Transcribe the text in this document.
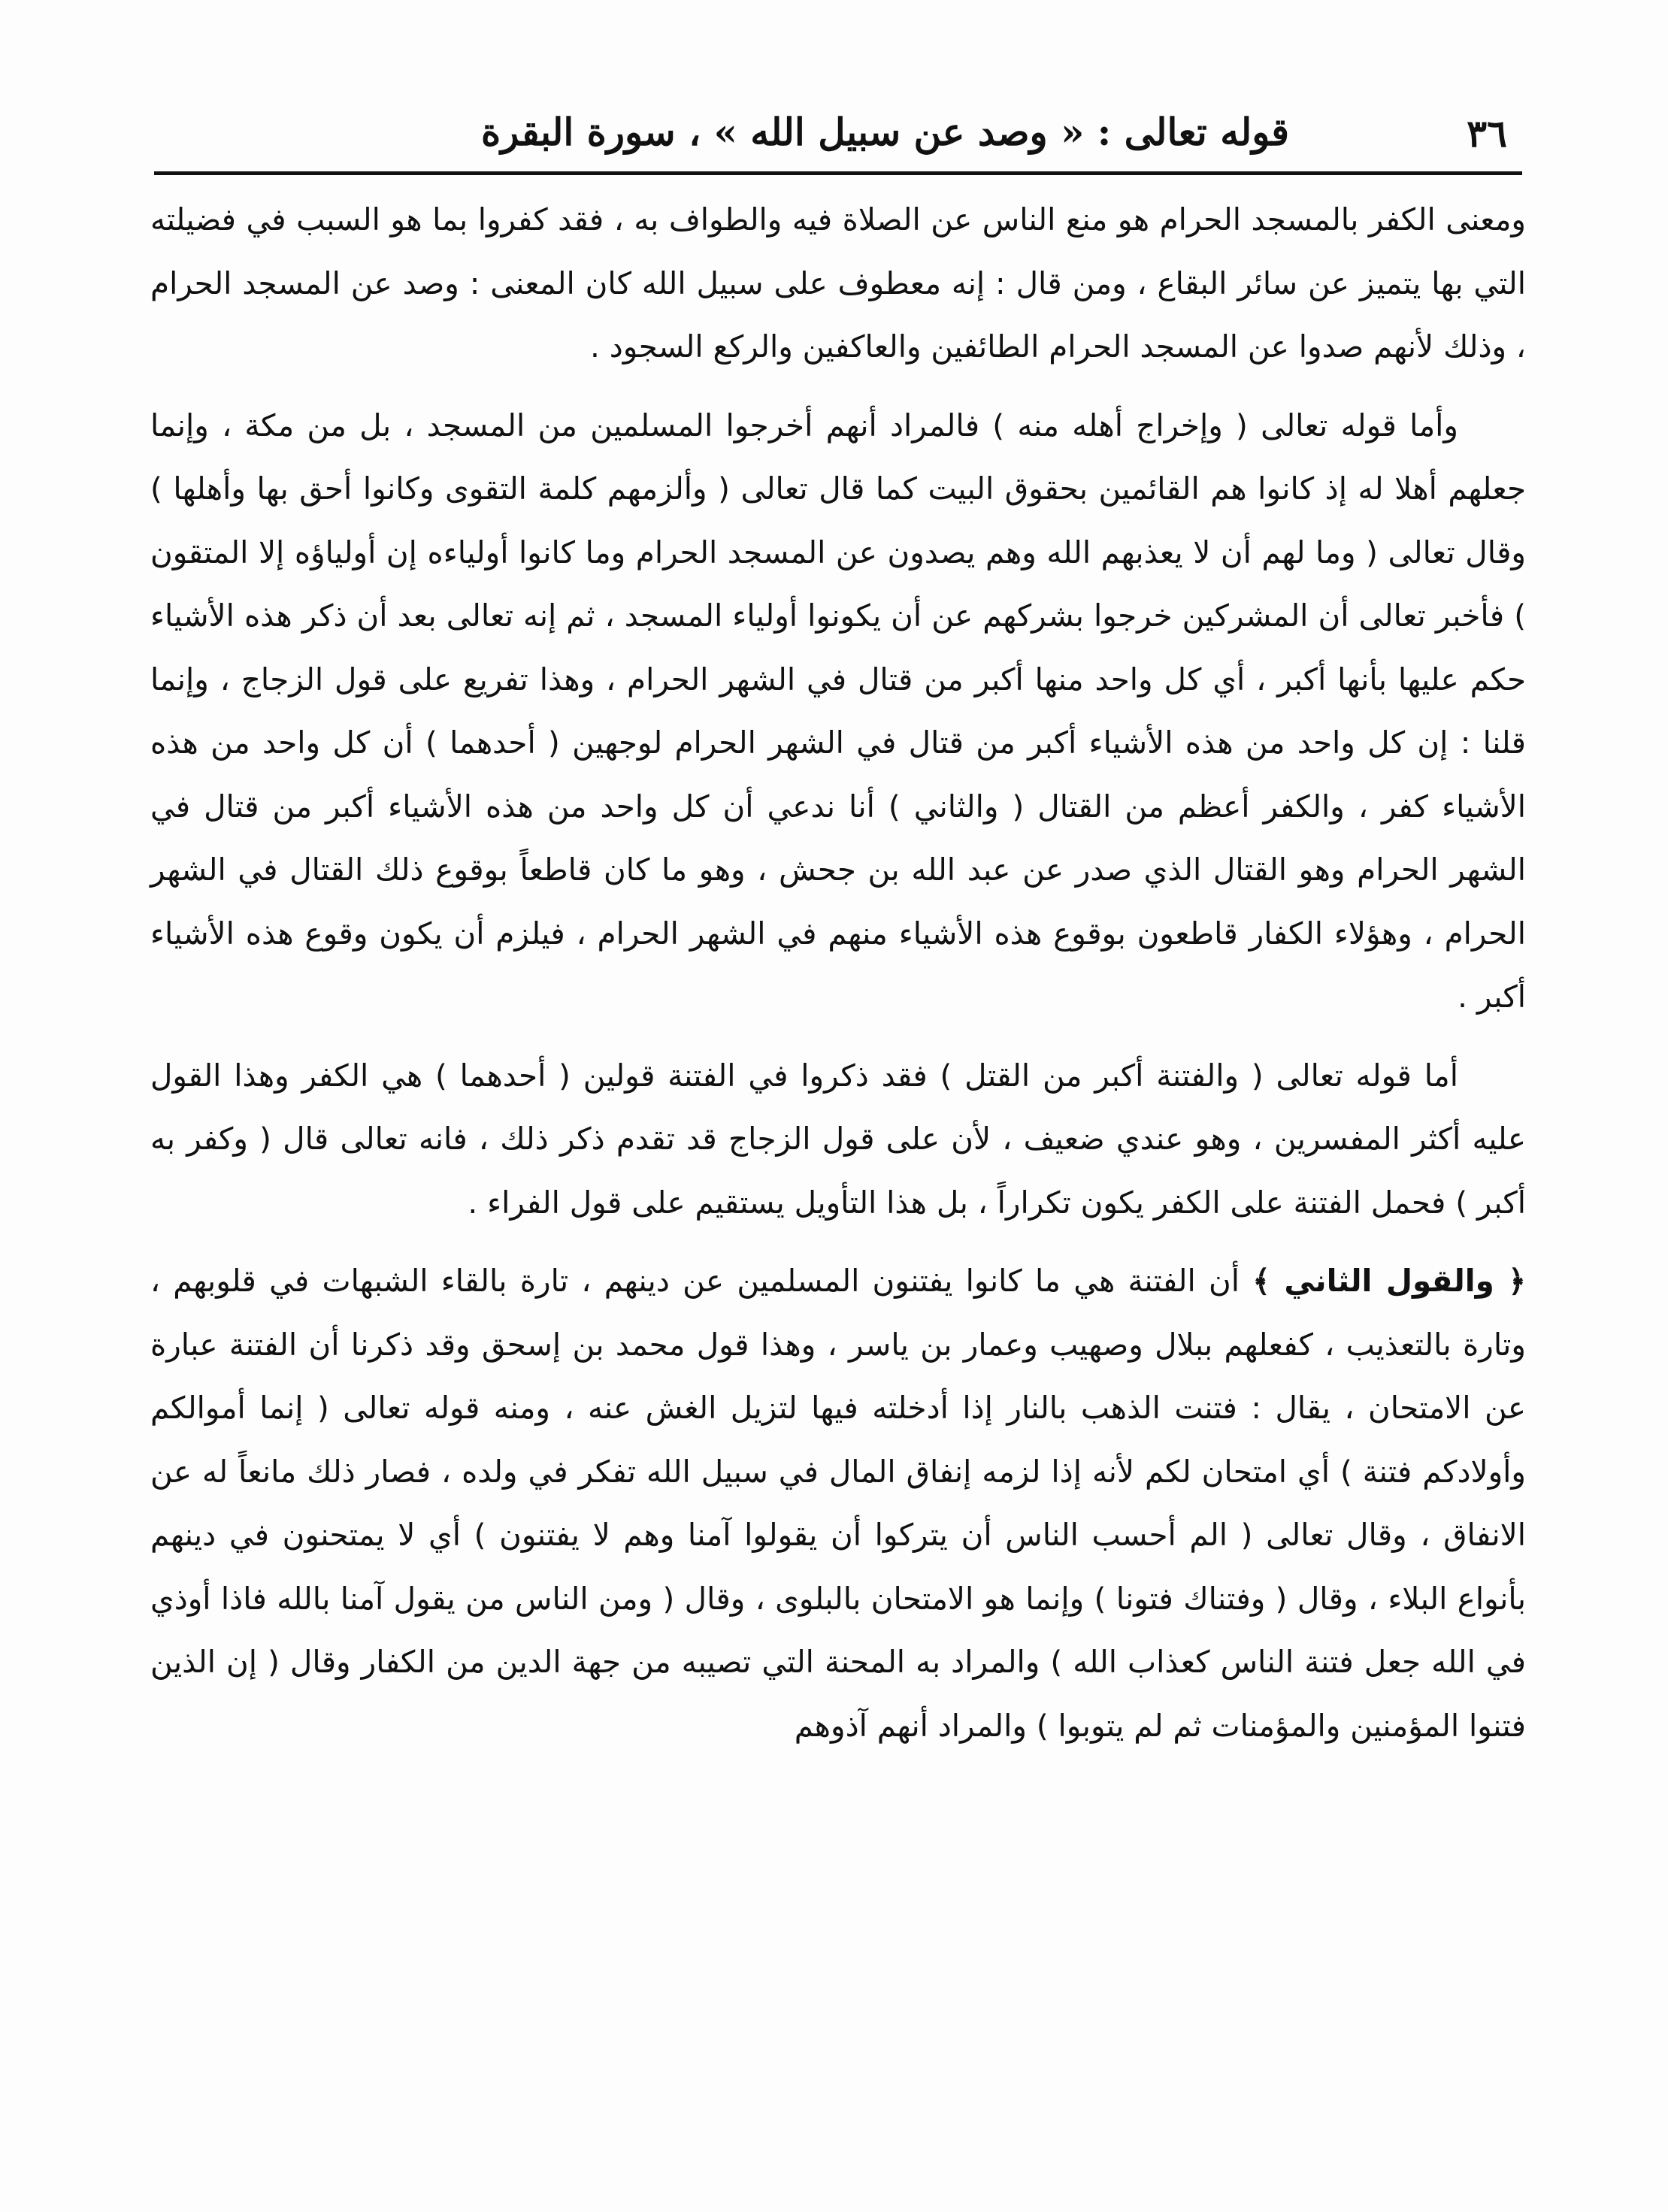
٣٦
قوله تعالى : « وصد عن سبيل الله » ، سورة البقرة

ومعنى الكفر بالمسجد الحرام هو منع الناس عن الصلاة فيه والطواف به ، فقد كفروا بما هو السبب في فضيلته التي بها يتميز عن سائر البقاع ، ومن قال : إنه معطوف على سبيل الله كان المعنى : وصد عن المسجد الحرام ، وذلك لأنهم صدوا عن المسجد الحرام الطائفين والعاكفين والركع السجود .

وأما قوله تعالى ( وإخراج أهله منه ) فالمراد أنهم أخرجوا المسلمين من المسجد ، بل من مكة ، وإنما جعلهم أهلا له إذ كانوا هم القائمين بحقوق البيت كما قال تعالى ( وألزمهم كلمة التقوى وكانوا أحق بها وأهلها ) وقال تعالى ( وما لهم أن لا يعذبهم الله وهم يصدون عن المسجد الحرام وما كانوا أولياءه إن أولياؤه إلا المتقون ) فأخبر تعالى أن المشركين خرجوا بشركهم عن أن يكونوا أولياء المسجد ، ثم إنه تعالى بعد أن ذكر هذه الأشياء حكم عليها بأنها أكبر ، أي كل واحد منها أكبر من قتال في الشهر الحرام ، وهذا تفريع على قول الزجاج ، وإنما قلنا : إن كل واحد من هذه الأشياء أكبر من قتال في الشهر الحرام لوجهين ( أحدهما ) أن كل واحد من هذه الأشياء كفر ، والكفر أعظم من القتال ( والثاني ) أنا ندعي أن كل واحد من هذه الأشياء أكبر من قتال في الشهر الحرام وهو القتال الذي صدر عن عبد الله بن جحش ، وهو ما كان قاطعاً بوقوع ذلك القتال في الشهر الحرام ، وهؤلاء الكفار قاطعون بوقوع هذه الأشياء منهم في الشهر الحرام ، فيلزم أن يكون وقوع هذه الأشياء أكبر .

أما قوله تعالى ( والفتنة أكبر من القتل ) فقد ذكروا في الفتنة قولين ( أحدهما ) هي الكفر وهذا القول عليه أكثر المفسرين ، وهو عندي ضعيف ، لأن على قول الزجاج قد تقدم ذكر ذلك ، فانه تعالى قال ( وكفر به أكبر ) فحمل الفتنة على الكفر يكون تكراراً ، بل هذا التأويل يستقيم على قول الفراء .

﴿ والقول الثاني ﴾ أن الفتنة هي ما كانوا يفتنون المسلمين عن دينهم ، تارة بالقاء الشبهات في قلوبهم ، وتارة بالتعذيب ، كفعلهم ببلال وصهيب وعمار بن ياسر ، وهذا قول محمد بن إسحق وقد ذكرنا أن الفتنة عبارة عن الامتحان ، يقال : فتنت الذهب بالنار إذا أدخلته فيها لتزيل الغش عنه ، ومنه قوله تعالى ( إنما أموالكم وأولادكم فتنة ) أي امتحان لكم لأنه إذا لزمه إنفاق المال في سبيل الله تفكر في ولده ، فصار ذلك مانعاً له عن الانفاق ، وقال تعالى ( الم أحسب الناس أن يتركوا أن يقولوا آمنا وهم لا يفتنون ) أي لا يمتحنون في دينهم بأنواع البلاء ، وقال ( وفتناك فتونا ) وإنما هو الامتحان بالبلوى ، وقال ( ومن الناس من يقول آمنا بالله فاذا أوذي في الله جعل فتنة الناس كعذاب الله ) والمراد به المحنة التي تصيبه من جهة الدين من الكفار وقال ( إن الذين فتنوا المؤمنين والمؤمنات ثم لم يتوبوا ) والمراد أنهم آذوهم
